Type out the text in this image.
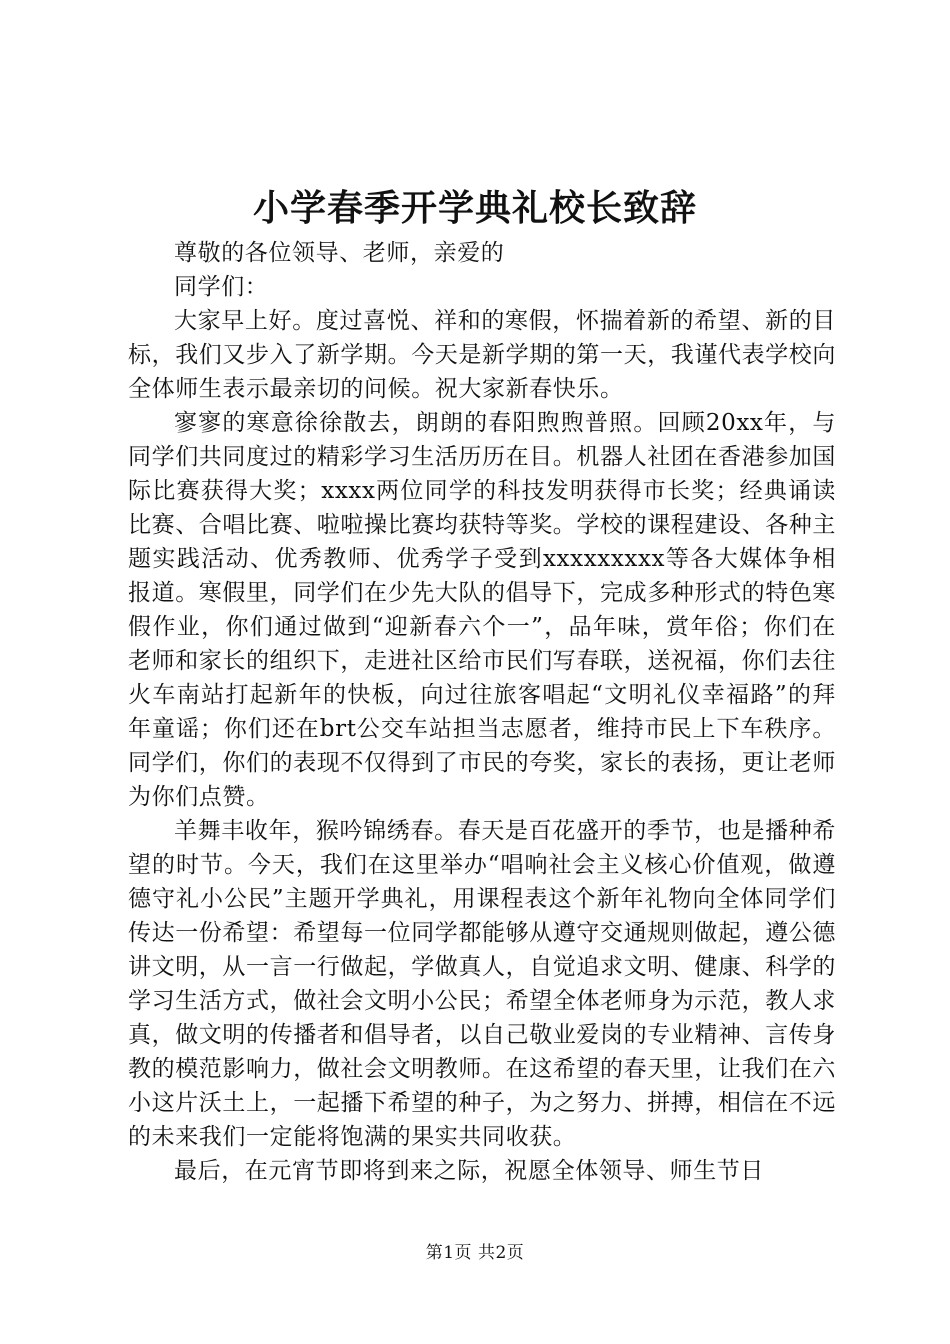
小学春季开学典礼校长致辞

尊敬的各位领导、老师，亲爱的

同学们：

大家早上好。度过喜悦、祥和的寒假，怀揣着新的希望、新的目标，我们又步入了新学期。今天是新学期的第一天，我谨代表学校向全体师生表示最亲切的问候。祝大家新春快乐。

寥寥的寒意徐徐散去，朗朗的春阳煦煦普照。回顾20xx年，与同学们共同度过的精彩学习生活历历在目。机器人社团在香港参加国际比赛获得大奖；xxxx两位同学的科技发明获得市长奖；经典诵读比赛、合唱比赛、啦啦操比赛均获特等奖。学校的课程建设、各种主题实践活动、优秀教师、优秀学子受到xxxxxxxxx等各大媒体争相报道。寒假里，同学们在少先大队的倡导下，完成多种形式的特色寒假作业，你们通过做到“迎新春六个一”，品年味，赏年俗；你们在老师和家长的组织下，走进社区给市民们写春联，送祝福，你们去往火车南站打起新年的快板，向过往旅客唱起“文明礼仪幸福路”的拜年童谣；你们还在brt公交车站担当志愿者，维持市民上下车秩序。同学们，你们的表现不仅得到了市民的夸奖，家长的表扬，更让老师为你们点赞。

羊舞丰收年，猴吟锦绣春。春天是百花盛开的季节，也是播种希望的时节。今天，我们在这里举办“唱响社会主义核心价值观，做遵德守礼小公民”主题开学典礼，用课程表这个新年礼物向全体同学们传达一份希望：希望每一位同学都能够从遵守交通规则做起，遵公德讲文明，从一言一行做起，学做真人，自觉追求文明、健康、科学的学习生活方式，做社会文明小公民；希望全体老师身为示范，教人求真，做文明的传播者和倡导者，以自己敬业爱岗的专业精神、言传身教的模范影响力，做社会文明教师。在这希望的春天里，让我们在六小这片沃土上，一起播下希望的种子，为之努力、拼搏，相信在不远的未来我们一定能将饱满的果实共同收获。

最后，在元宵节即将到来之际，祝愿全体领导、师生节日

第1页 共2页
